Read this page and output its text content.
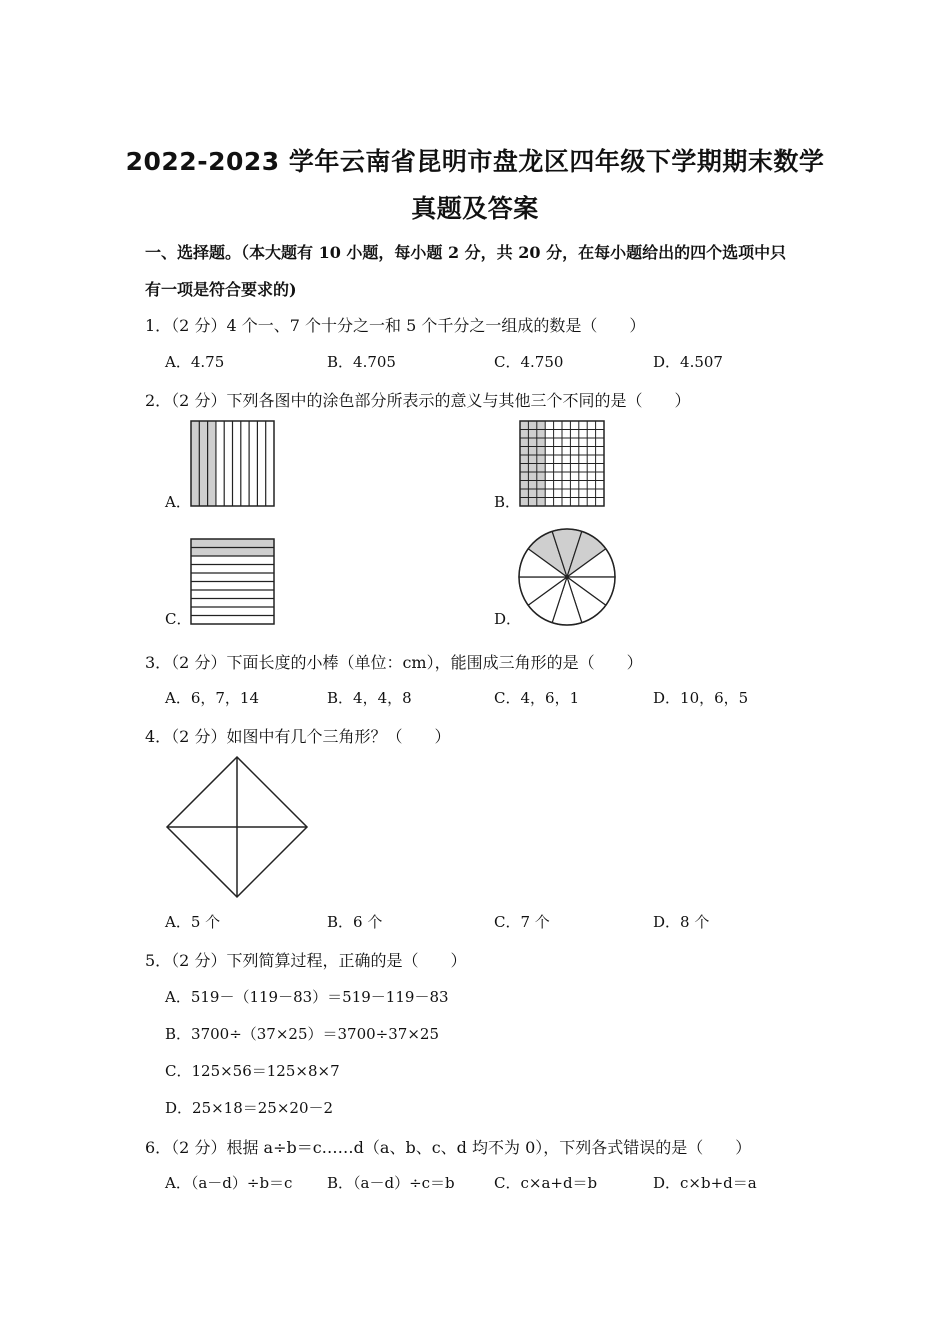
2022-2023 学年云南省昆明市盘龙区四年级下学期期末数学
真题及答案
一、选择题。（本大题有 10 小题，每小题 2 分，共 20 分，在每小题给出的四个选项中只
有一项是符合要求的)
1．（2 分）4 个一、7 个十分之一和 5 个千分之一组成的数是（　　）
A．4.75	B．4.705	C．4.750	D．4.507
2．（2 分）下列各图中的涂色部分所表示的意义与其他三个不同的是（　　）
A．	B．
C．	D．
3．（2 分）下面长度的小棒（单位：cm），能围成三角形的是（　　）
A．6，7，14	B．4，4，8	C．4，6，1	D．10，6，5
4．（2 分）如图中有几个三角形？（　　）
A．5 个	B．6 个	C．7 个	D．8 个
5．（2 分）下列简算过程，正确的是（　　）
A．519－（119－83）＝519－119－83
B．3700÷（37×25）＝3700÷37×25
C．125×56＝125×8×7
D．25×18＝25×20－2
6．（2 分）根据 a÷b＝c……d（a、b、c、d 均不为 0），下列各式错误的是（　　）
A．（a－d）÷b＝c B．（a－d）÷c＝b	C．c×a+d＝b	D．c×b+d＝a
